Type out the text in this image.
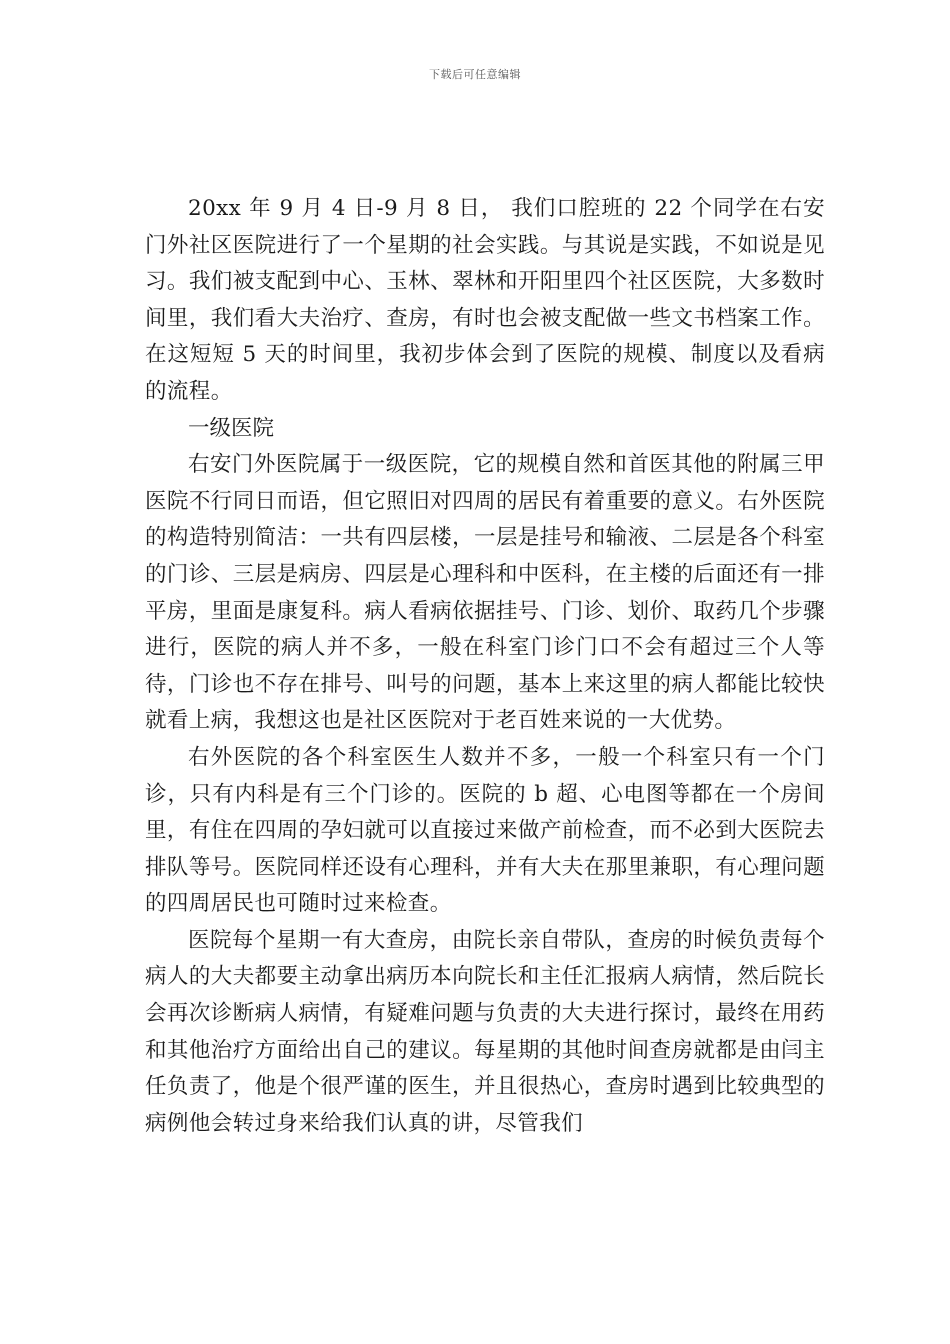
下载后可任意编辑

20xx 年 9 月 4 日-9 月 8 日， 我们口腔班的 22 个同学在右安门外社区医院进行了一个星期的社会实践。与其说是实践，不如说是见习。我们被支配到中心、玉林、翠林和开阳里四个社区医院，大多数时间里，我们看大夫治疗、查房，有时也会被支配做一些文书档案工作。在这短短 5 天的时间里，我初步体会到了医院的规模、制度以及看病的流程。

一级医院

右安门外医院属于一级医院，它的规模自然和首医其他的附属三甲医院不行同日而语，但它照旧对四周的居民有着重要的意义。右外医院的构造特别简洁：一共有四层楼，一层是挂号和输液、二层是各个科室的门诊、三层是病房、四层是心理科和中医科，在主楼的后面还有一排平房，里面是康复科。病人看病依据挂号、门诊、划价、取药几个步骤进行，医院的病人并不多，一般在科室门诊门口不会有超过三个人等待，门诊也不存在排号、叫号的问题，基本上来这里的病人都能比较快就看上病，我想这也是社区医院对于老百姓来说的一大优势。

右外医院的各个科室医生人数并不多，一般一个科室只有一个门诊，只有内科是有三个门诊的。医院的 b 超、心电图等都在一个房间里，有住在四周的孕妇就可以直接过来做产前检查，而不必到大医院去排队等号。医院同样还设有心理科，并有大夫在那里兼职，有心理问题的四周居民也可随时过来检查。

医院每个星期一有大查房，由院长亲自带队，查房的时候负责每个病人的大夫都要主动拿出病历本向院长和主任汇报病人病情，然后院长会再次诊断病人病情，有疑难问题与负责的大夫进行探讨，最终在用药和其他治疗方面给出自己的建议。每星期的其他时间查房就都是由闫主任负责了，他是个很严谨的医生，并且很热心，查房时遇到比较典型的病例他会转过身来给我们认真的讲，尽管我们
